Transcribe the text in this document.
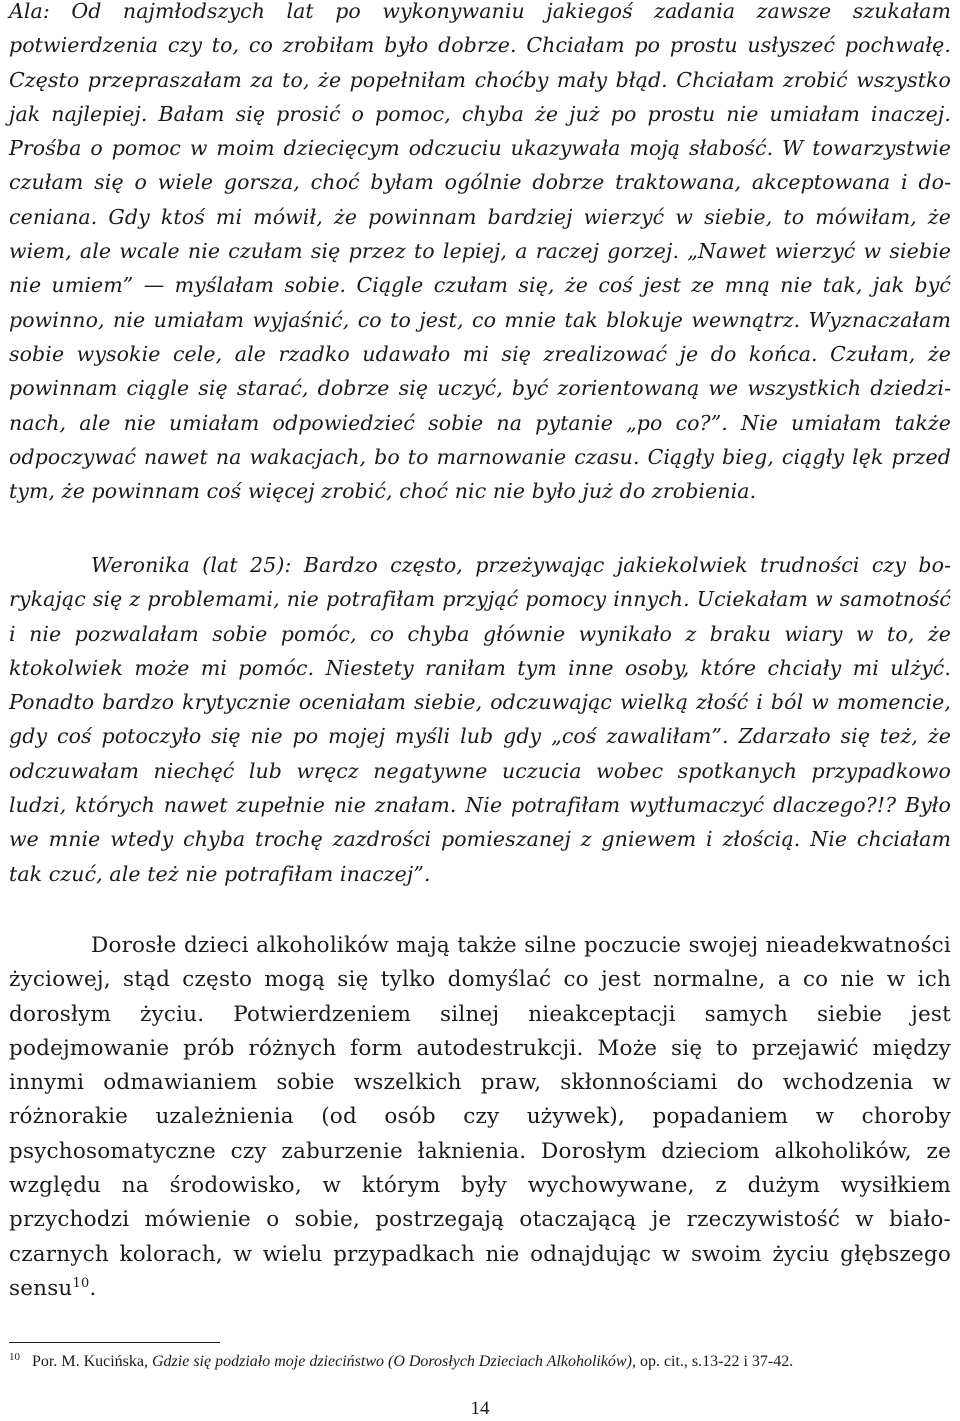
Ala: Od najmłodszych lat po wykonywaniu jakiegoś zadania zawsze szukałam potwierdzenia czy to, co zrobiłam było dobrze. Chciałam po prostu usłyszeć pochwałę. Często przepraszałam za to, że popełniłam choćby mały błąd. Chciałam zrobić wszystko jak najlepiej. Bałam się prosić o pomoc, chyba że już po prostu nie umiałam inaczej. Prośba o pomoc w moim dziecięcym odczuciu ukazywała moją słabość. W towarzystwie czułam się o wiele gorsza, choć byłam ogólnie dobrze traktowana, akceptowana i doceniana. Gdy ktoś mi mówił, że powinnam bardziej wierzyć w siebie, to mówiłam, że wiem, ale wcale nie czułam się przez to lepiej, a raczej gorzej. „Nawet wierzyć w siebie nie umiem” — myślałam sobie. Ciągle czułam się, że coś jest ze mną nie tak, jak być powinno, nie umiałam wyjaśnić, co to jest, co mnie tak blokuje wewnątrz. Wyznaczałam sobie wysokie cele, ale rzadko udawało mi się zrealizować je do końca. Czułam, że powinnam ciągle się starać, dobrze się uczyć, być zorientowaną we wszystkich dziedzinach, ale nie umiałam odpowiedzieć sobie na pytanie „po co?”. Nie umiałam także odpoczywać nawet na wakacjach, bo to marnowanie czasu. Ciągły bieg, ciągły lęk przed tym, że powinnam coś więcej zrobić, choć nic nie było już do zrobienia.

Weronika (lat 25): Bardzo często, przeżywając jakiekolwiek trudności czy borykając się z problemami, nie potrafiłam przyjąć pomocy innych. Uciekałam w samotność i nie pozwalałam sobie pomóc, co chyba głównie wynikało z braku wiary w to, że ktokolwiek może mi pomóc. Niestety raniłam tym inne osoby, które chciały mi ulżyć. Ponadto bardzo krytycznie oceniałam siebie, odczuwając wielką złość i ból w momencie, gdy coś potoczyło się nie po mojej myśli lub gdy „coś zawaliłam”. Zdarzało się też, że odczuwałam niechęć lub wręcz negatywne uczucia wobec spotkanych przypadkowo ludzi, których nawet zupełnie nie znałam. Nie potrafiłam wytłumaczyć dlaczego?!? Było we mnie wtedy chyba trochę zazdrości pomieszanej z gniewem i złością. Nie chciałam tak czuć, ale też nie potrafiłam inaczej”.

Dorosłe dzieci alkoholików mają także silne poczucie swojej nieadekwatności życiowej, stąd często mogą się tylko domyślać co jest normalne, a co nie w ich dorosłym życiu. Potwierdzeniem silnej nieakceptacji samych siebie jest podejmowanie prób różnych form autodestrukcji. Może się to przejawić między innymi odmawianiem sobie wszelkich praw, skłonnościami do wchodzenia w różnorakie uzależnienia (od osób czy używek), popadaniem w choroby psychosomatyczne czy zaburzenie łaknienia. Dorosłym dzieciom alkoholików, ze względu na środowisko, w którym były wychowywane, z dużym wysiłkiem przychodzi mówienie o sobie, postrzegają otaczającą je rzeczywistość w biało-czarnych kolorach, w wielu przypadkach nie odnajdując w swoim życiu głębszego sensu$^{10}$.

$^{10}$ Por. M. Kucińska, Gdzie się podziało moje dzieciństwo (O Dorosłych Dzieciach Alkoholików), op. cit., s.13-22 i 37-42.
14
